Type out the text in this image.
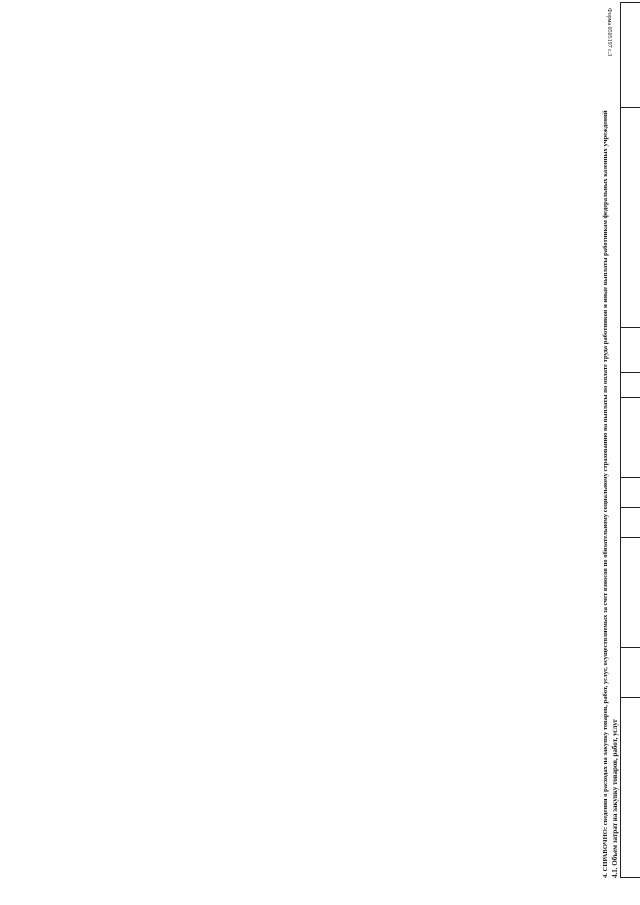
Форма 0505197 с.3
4. СПРАВОЧНО: сведения о расходах на закупку товаров, работ, услуг, осуществляемых за счет взносов по обязательному социальному страхованию на выплаты по оплате труда работников и иные выплаты работникам федеральных казенных учреждений 4.1. Объем затрат на закупку товаров, работ, услуг
